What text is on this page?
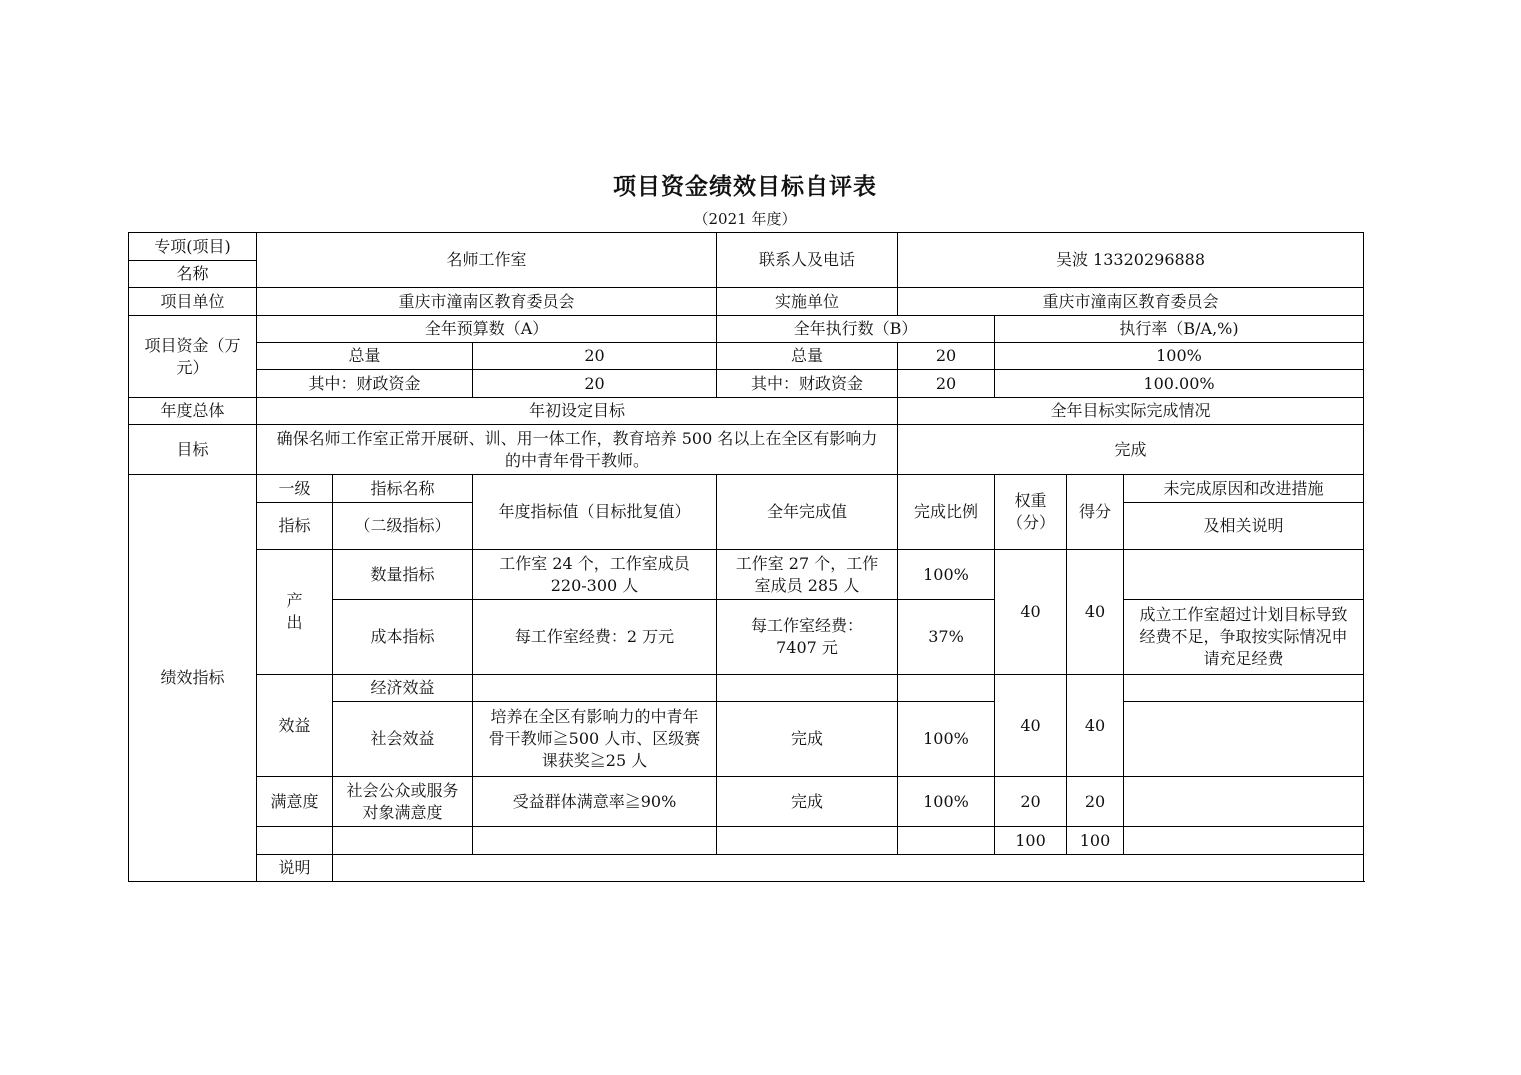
项目资金绩效目标自评表
（2021 年度）
专项(项目)	名师工作室			联系人及电话	吴波 13320296888			
名称								
项目单位	重庆市潼南区教育委员会			实施单位	重庆市潼南区教育委员会			
项目资金（万元）	全年预算数（A）			全年执行数（B）		执行率（B/A,%)		
	总量		20	总量	20	100%		
	其中：财政资金		20	其中：财政资金	20	100.00%		
年度总体	年初设定目标				全年目标实际完成情况			
目标	确保名师工作室正常开展研、训、用一体工作，教育培养 500 名以上在全区有影响力的中青年骨干教师。				完成			
绩效指标	一级	指标名称	年度指标值（目标批复值）	全年完成值	完成比例	权重（分）	得分	未完成原因和改进措施
	指标	（二级指标）						及相关说明
	产出	数量指标	工作室 24 个，工作室成员 220-300 人	工作室 27 个，工作室成员 285 人	100%	40	40	
		成本指标	每工作室经费：2 万元	每工作室经费：7407 元	37%			成立工作室超过计划目标导致经费不足，争取按实际情况申请充足经费
	效益	经济效益				40	40	
		社会效益	培养在全区有影响力的中青年骨干教师≧500 人市、区级赛课获奖≧25 人	完成	100%			
	满意度	社会公众或服务对象满意度	受益群体满意率≧90%	完成	100%	20	20	
						100	100	
	说明							
